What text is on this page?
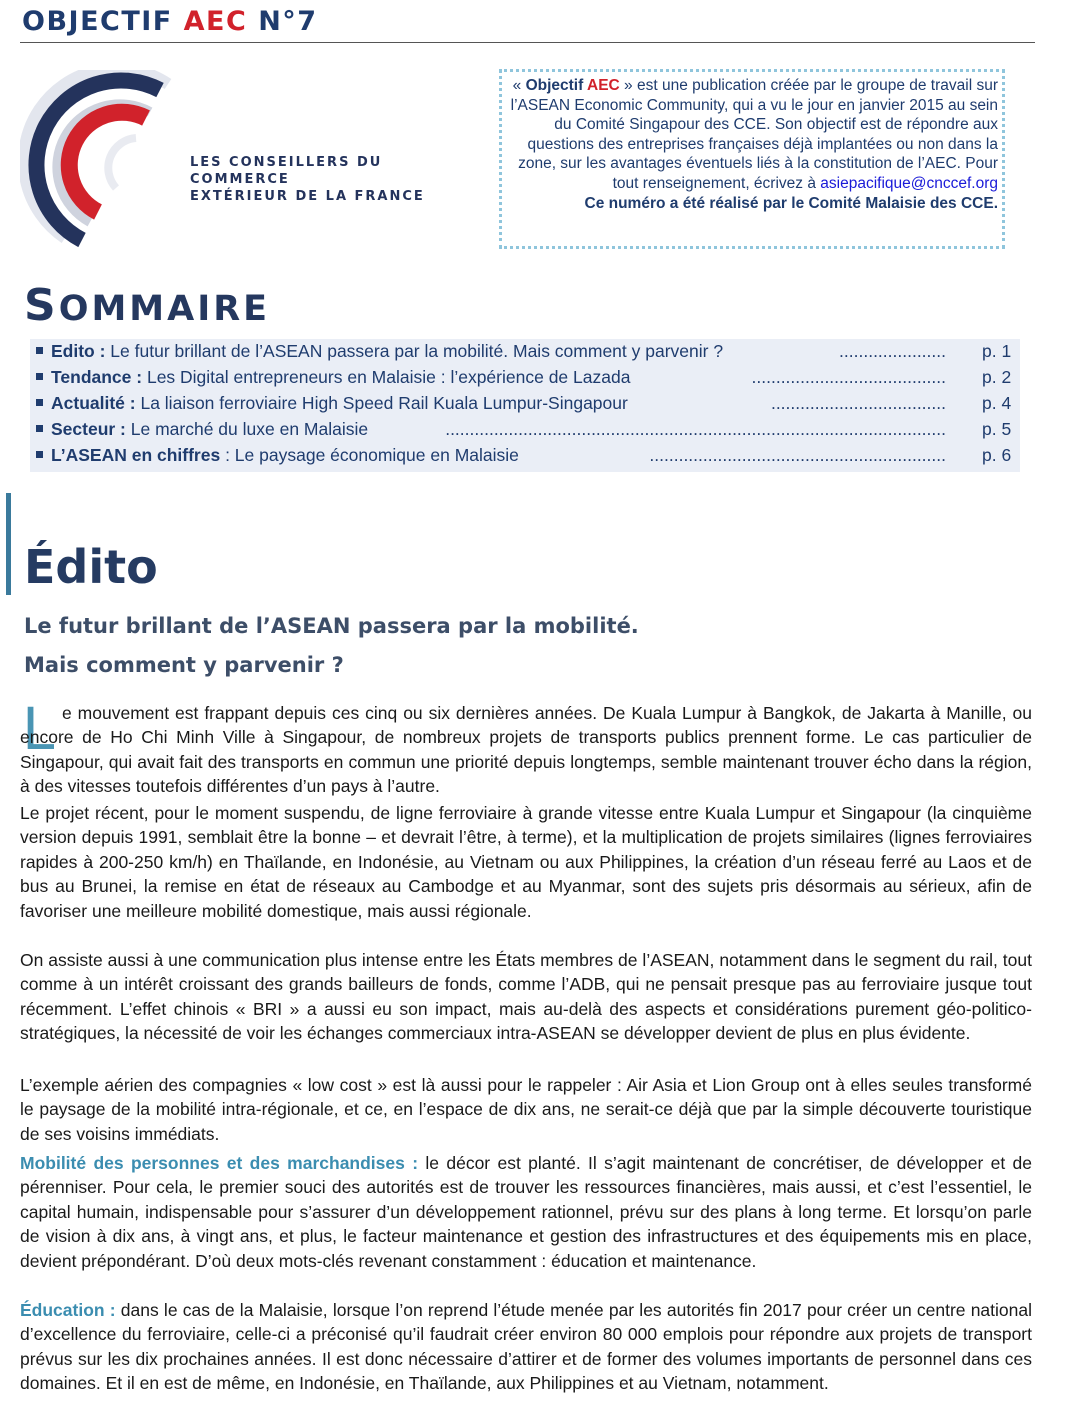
OBJECTIF AEC N°7
LES CONSEILLERS DU COMMERCE
EXTÉRIEUR DE LA FRANCE

« Objectif AEC » est une publication créée par le groupe de travail sur l’ASEAN Economic Community, qui a vu le jour en janvier 2015 au sein du Comité Singapour des CCE. Son objectif est de répondre aux questions des entreprises françaises déjà implantées ou non dans la zone, sur les avantages éventuels liés à la constitution de l’AEC. Pour tout renseignement, écrivez à asiepacifique@cnccef.org

Ce numéro a été réalisé par le Comité Malaisie des CCE.

SOMMAIRE
Edito : Le futur brillant de l’ASEAN passera par la mobilité. Mais comment y parvenir ?	...................... p. 1
Tendance : Les Digital entrepreneurs en Malaisie : l’expérience de Lazada	........................................ p. 2
Actualité : La liaison ferroviaire High Speed Rail Kuala Lumpur-Singapour	.................................... p. 4
Secteur : Le marché du luxe en Malaisie	....................................................................................................... p. 5
L’ASEAN en chiffres : Le paysage économique en Malaisie	............................................................. p. 6
Édito
Le futur brillant de l’ASEAN passera par la mobilité.
Mais comment y parvenir ?
L e mouvement est frappant depuis ces cinq ou six dernières années. De Kuala Lumpur à Bangkok, de Jakarta à Manille, ou encore de Ho Chi Minh Ville à Singapour, de nombreux projets de transports publics prennent forme. Le cas particulier de Singapour, qui avait fait des transports en commun une priorité depuis longtemps, semble maintenant trouver écho dans la région, à des vitesses toutefois différentes d’un pays à l’autre.

Le projet récent, pour le moment suspendu, de ligne ferroviaire à grande vitesse entre Kuala Lumpur et Singapour (la cinquième version depuis 1991, semblait être la bonne – et devrait l’être, à terme), et la multiplication de projets similaires (lignes ferroviaires rapides à 200-250 km/h) en Thaïlande, en Indonésie, au Vietnam ou aux Philippines, la création d’un réseau ferré au Laos et de bus au Brunei, la remise en état de réseaux au Cambodge et au Myanmar, sont des sujets pris désormais au sérieux, afin de favoriser une meilleure mobilité domestique, mais aussi régionale.

On assiste aussi à une communication plus intense entre les États membres de l’ASEAN, notamment dans le segment du rail, tout comme à un intérêt croissant des grands bailleurs de fonds, comme l’ADB, qui ne pensait presque pas au ferroviaire jusque tout récemment. L’effet chinois « BRI » a aussi eu son impact, mais au-delà des aspects et considérations purement géo-politico-stratégiques, la nécessité de voir les échanges commerciaux intra-ASEAN se développer devient de plus en plus évidente.

L’exemple aérien des compagnies « low cost » est là aussi pour le rappeler : Air Asia et Lion Group ont à elles seules transformé le paysage de la mobilité intra-régionale, et ce, en l’espace de dix ans, ne serait-ce déjà que par la simple découverte touristique de ses voisins immédiats.

Mobilité des personnes et des marchandises : le décor est planté. Il s’agit maintenant de concrétiser, de développer et de pérenniser. Pour cela, le premier souci des autorités est de trouver les ressources financières, mais aussi, et c’est l’essentiel, le capital humain, indispensable pour s’assurer d’un développement rationnel, prévu sur des plans à long terme. Et lorsqu’on parle de vision à dix ans, à vingt ans, et plus, le facteur maintenance et gestion des infrastructures et des équipements mis en place, devient prépondérant. D’où deux mots-clés revenant constamment : éducation et maintenance.

Éducation : dans le cas de la Malaisie, lorsque l’on reprend l’étude menée par les autorités fin 2017 pour créer un centre national d’excellence du ferroviaire, celle-ci a préconisé qu’il faudrait créer environ 80 000 emplois pour répondre aux projets de transport prévus sur les dix prochaines années. Il est donc nécessaire d’attirer et de former des volumes importants de personnel dans ces domaines. Et il en est de même, en Indonésie, en Thaïlande, aux Philippines et au Vietnam, notamment.
